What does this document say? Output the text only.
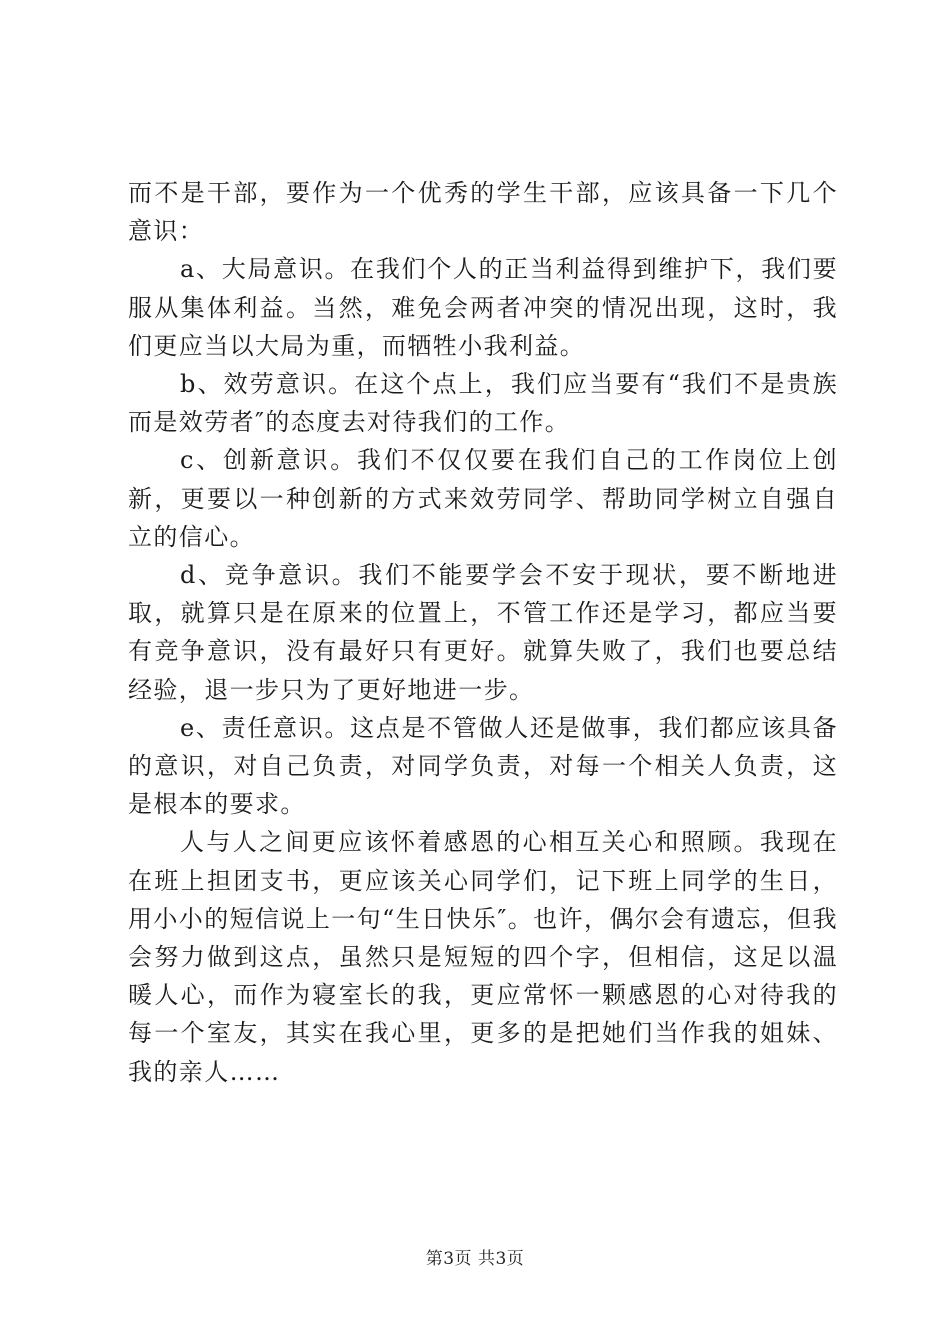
而不是干部，要作为一个优秀的学生干部，应该具备一下几个意识：

a、大局意识。在我们个人的正当利益得到维护下，我们要服从集体利益。当然，难免会两者冲突的情况出现，这时，我们更应当以大局为重，而牺牲小我利益。

b、效劳意识。在这个点上，我们应当要有“我们不是贵族而是效劳者″的态度去对待我们的工作。

c、创新意识。我们不仅仅要在我们自己的工作岗位上创新，更要以一种创新的方式来效劳同学、帮助同学树立自强自立的信心。

d、竞争意识。我们不能要学会不安于现状，要不断地进取，就算只是在原来的位置上，不管工作还是学习，都应当要有竞争意识，没有最好只有更好。就算失败了，我们也要总结经验，退一步只为了更好地进一步。

e、责任意识。这点是不管做人还是做事，我们都应该具备的意识，对自己负责，对同学负责，对每一个相关人负责，这是根本的要求。

人与人之间更应该怀着感恩的心相互关心和照顾。我现在在班上担团支书，更应该关心同学们，记下班上同学的生日，用小小的短信说上一句“生日快乐″。也许，偶尔会有遗忘，但我会努力做到这点，虽然只是短短的四个字，但相信，这足以温暖人心，而作为寝室长的我，更应常怀一颗感恩的心对待我的每一个室友，其实在我心里，更多的是把她们当作我的姐妹、我的亲人……

第3页 共3页
